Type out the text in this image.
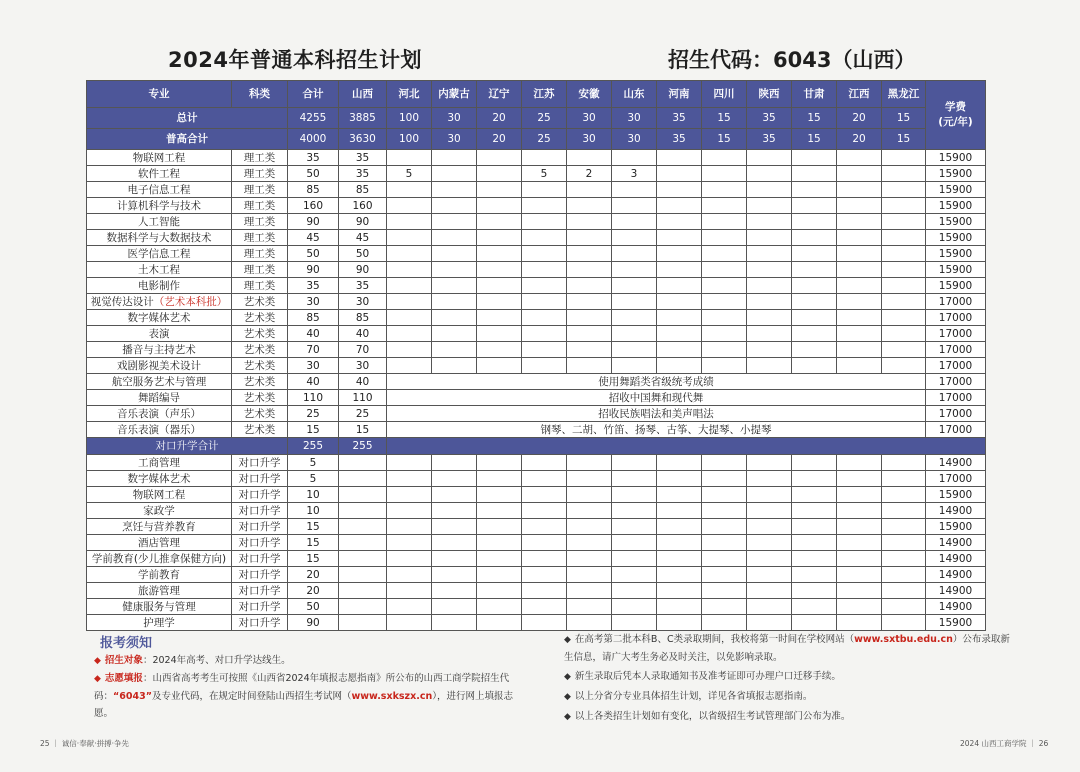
2024年普通本科招生计划	招生代码：6043（山西）
专业	科类	合计	山西	河北	内蒙古	辽宁	江苏	安徽	山东	河南	四川	陕西	甘肃	江西	黑龙江	学费
(元/年)

总计		4255	3885	100	30	20	25	30	30	35	15	35	15	20	15	
普高合计		4000	3630	100	30	20	25	30	30	35	15	35	15	20	15	
物联网工程	理工类	35	35													15900
软件工程	理工类	50	35	5			5	2	3							15900
电子信息工程	理工类	85	85													15900
计算机科学与技术	理工类	160	160													15900
人工智能	理工类	90	90													15900
数据科学与大数据技术	理工类	45	45													15900
医学信息工程	理工类	50	50													15900
土木工程	理工类	90	90													15900
电影制作	理工类	35	35													15900
视觉传达设计（艺术本科批）	艺术类	30	30													17000
数字媒体艺术	艺术类	85	85													17000
表演	艺术类	40	40													17000
播音与主持艺术	艺术类	70	70													17000
戏剧影视美术设计	艺术类	30	30													17000
航空服务艺术与管理	艺术类	40	40	使用舞蹈类省级统考成绩												17000
舞蹈编导	艺术类	110	110	招收中国舞和现代舞												17000
音乐表演（声乐）	艺术类	25	25	招收民族唱法和美声唱法												17000
音乐表演（器乐）	艺术类	15	15	钢琴、二胡、竹笛、扬琴、古筝、大提琴、小提琴												17000
对口升学合计		255	255													
工商管理	对口升学	5														14900
数字媒体艺术	对口升学	5														17000
物联网工程	对口升学	10														15900
家政学	对口升学	10														14900
烹饪与营养教育	对口升学	15														15900
酒店管理	对口升学	15														14900
学前教育(少儿推拿保健方向)	对口升学	15														14900
学前教育	对口升学	20														14900
旅游管理	对口升学	20														14900
健康服务与管理	对口升学	50														14900
护理学	对口升学	90														15900
报考须知

◆ 招生对象：2024年高考、对口升学达线生。

◆ 志愿填报：山西省高考考生可按照《山西省2024年填报志愿指南》所公布的山西工商学院招生代码：“6043”及专业代码，在规定时间登陆山西招生考试网（www.sxkszx.cn），进行网上填报志愿。

◆ 在高考第二批本科B、C类录取期间，我校将第一时间在学校网站（www.sxtbu.edu.cn）公布录取新生信息，请广大考生务必及时关注，以免影响录取。

◆ 新生录取后凭本人录取通知书及准考证即可办理户口迁移手续。

◆ 以上分省分专业具体招生计划，详见各省填报志愿指南。

◆ 以上各类招生计划如有变化，以省级招生考试管理部门公布为准。

25 ｜ 诚信·奉献·拼搏·争先	2024 山西工商学院 ｜ 26
